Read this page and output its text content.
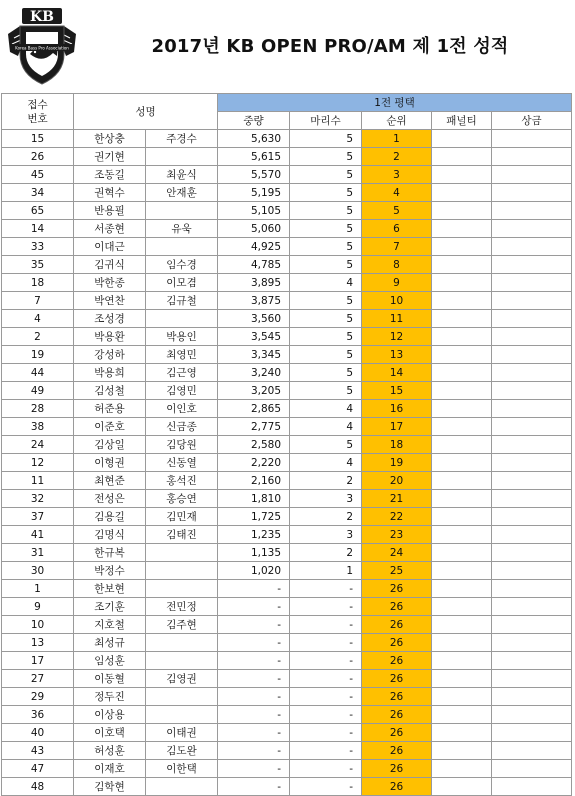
Korea Bass Pro Association
KB
2017년 KB OPEN PRO/AM 제 1전 성적
접수
번호	성명		1전 평택				
			중량	마리수	순위	패널티	상금
15	한상충	주경수	5,630	5	1		
26	권기현		5,615	5	2		
45	조동길	최윤식	5,570	5	3		
34	권혁수	안재훈	5,195	5	4		
65	반용필		5,105	5	5		
14	서종현	유욱	5,060	5	6		
33	이대근		4,925	5	7		
35	김귀식	임수경	4,785	5	8		
18	박한종	이모겸	3,895	4	9		
7	박연찬	김규철	3,875	5	10		
4	조성경		3,560	5	11		
2	박용환	박용인	3,545	5	12		
19	강성하	최영민	3,345	5	13		
44	박용희	김근영	3,240	5	14		
49	김성철	김영민	3,205	5	15		
28	허준용	이인호	2,865	4	16		
38	이준호	신금종	2,775	4	17		
24	김상일	김당원	2,580	5	18		
12	이형권	신동열	2,220	4	19		
11	최현준	홍석진	2,160	2	20		
32	전성은	홍승연	1,810	3	21		
37	김용길	김민재	1,725	2	22		
41	김명식	김태진	1,235	3	23		
31	한규복		1,135	2	24		
30	박정수		1,020	1	25		
1	한보현		-	-	26		
9	조기훈	전민정	-	-	26		
10	지호철	김주현	-	-	26		
13	최성규		-	-	26		
17	임성훈		-	-	26		
27	이동혈	김영권	-	-	26		
29	정두진		-	-	26		
36	이상용		-	-	26		
40	이호택	이태권	-	-	26		
43	허성훈	김도완	-	-	26		
47	이재호	이한택	-	-	26		
48	김학현		-	-	26		
